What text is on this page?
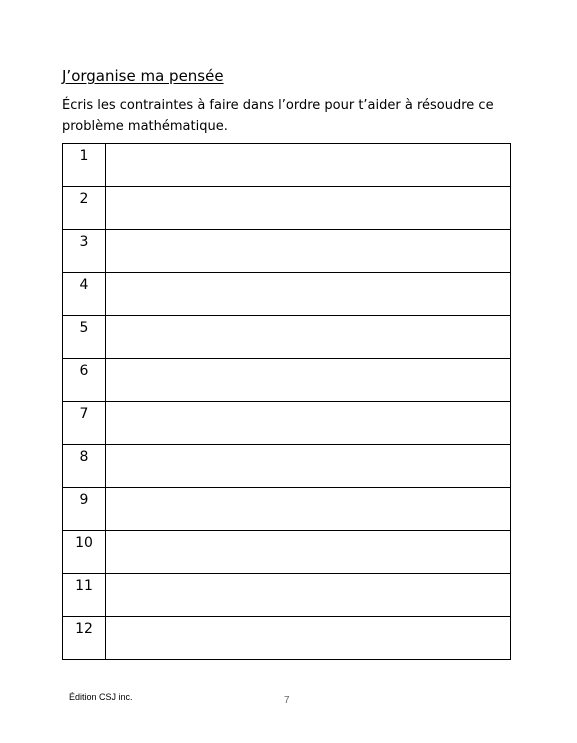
J’organise ma pensée
Écris les contraintes à faire dans l’ordre pour t’aider à résoudre ce problème mathématique.
1	
2	
3	
4	
5	
6	
7	
8	
9	
10	
11	
12	
Édition CSJ inc.	7
